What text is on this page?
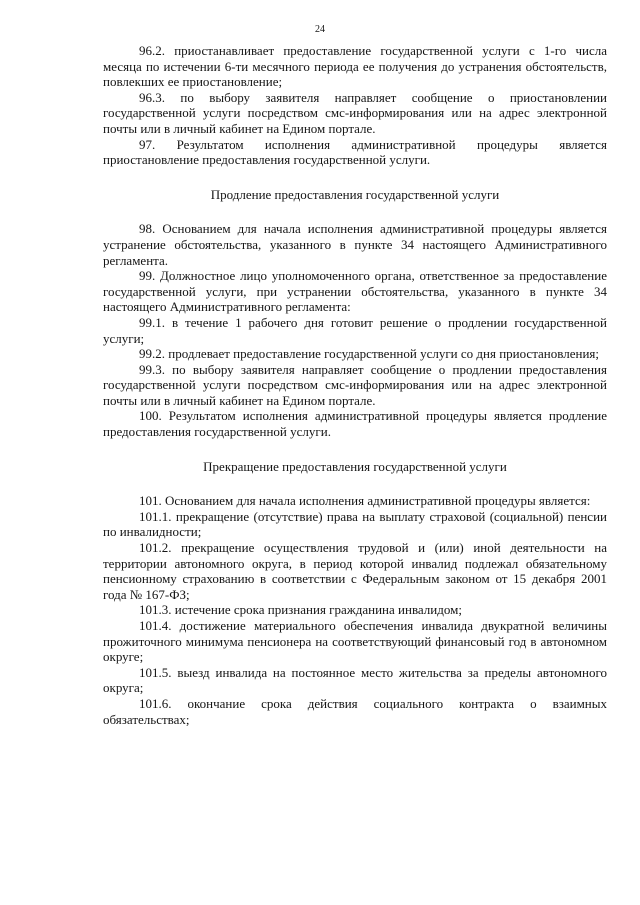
24

96.2. приостанавливает предоставление государственной услуги с 1-го числа месяца по истечении 6-ти месячного периода ее получения до устранения обстоятельств, повлекших ее приостановление;

96.3. по выбору заявителя направляет сообщение о приостановлении государственной услуги посредством смс-информирования или на адрес электронной почты или в личный кабинет на Едином портале.

97. Результатом исполнения административной процедуры является приостановление предоставления государственной услуги.

Продление предоставления государственной услуги

98. Основанием для начала исполнения административной процедуры является устранение обстоятельства, указанного в пункте 34 настоящего Административного регламента.

99. Должностное лицо уполномоченного органа, ответственное за предоставление государственной услуги, при устранении обстоятельства, указанного в пункте 34 настоящего Административного регламента:

99.1. в течение 1 рабочего дня готовит решение о продлении государственной услуги;

99.2. продлевает предоставление государственной услуги со дня приостановления;

99.3. по выбору заявителя направляет сообщение о продлении предоставления государственной услуги посредством смс-информирования или на адрес электронной почты или в личный кабинет на Едином портале.

100. Результатом исполнения административной процедуры является продление предоставления государственной услуги.

Прекращение предоставления государственной услуги

101. Основанием для начала исполнения административной процедуры является:

101.1. прекращение (отсутствие) права на выплату страховой (социальной) пенсии по инвалидности;

101.2. прекращение осуществления трудовой и (или) иной деятельности на территории автономного округа, в период которой инвалид подлежал обязательному пенсионному страхованию в соответствии с Федеральным законом от 15 декабря 2001 года № 167-ФЗ;

101.3. истечение срока признания гражданина инвалидом;

101.4. достижение материального обеспечения инвалида двукратной величины прожиточного минимума пенсионера на соответствующий финансовый год в автономном округе;

101.5. выезд инвалида на постоянное место жительства за пределы автономного округа;

101.6. окончание срока действия социального контракта о взаимных обязательствах;
